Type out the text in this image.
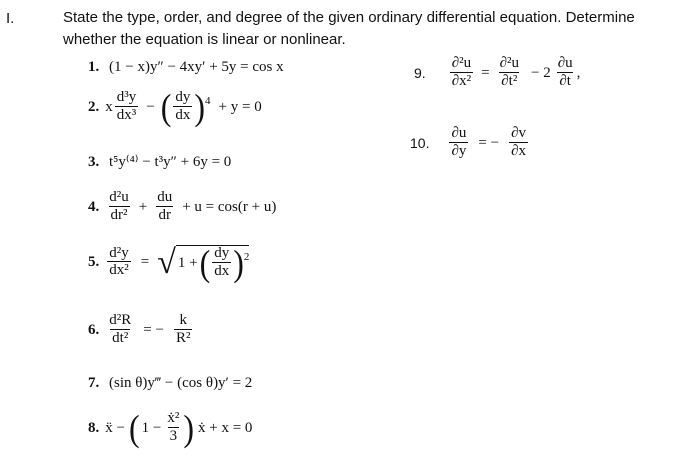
I.	State the type, order, and degree of the given ordinary differential equation. Determine
whether the equation is linear or nonlinear.
1. (1 − x)y″ − 4xy′ + 5y = cos x
2. x $\frac{\text{d³y}}{\text{dx³}}$ − ( $\frac{dy}{dx}$ ) 4 + y = 0
3. t⁵y⁽⁴⁾ − t³y″ + 6y = 0
4. $\frac{\text{d²u}}{\text{dr²}} + \frac{du}{dr} + u = \cos(r + u)$
5. $\frac{\text{d²y}}{\text{dx²}}$ = √ 1 + ( $\frac{dy}{dx}$ ) 2
6. $\frac{\text{d²R}}{\text{dt²}}$ = − $\frac{k}{\text{R²}}$
7. (sin θ)y‴ − (cos θ)y′ = 2
8. ẍ − ( $1 - \frac{\text{ẋ²}}{3}$ ) ẋ + x = 0
9. $\frac{\text{∂²u}}{\text{∂x²}} = \frac{\text{∂²u}}{\text{∂t²}} - 2 \frac{\partial u}{\partial t}$ ,
10. $\frac{\partial u}{\partial y}$ = − $\frac{\partial v}{\partial x}$
